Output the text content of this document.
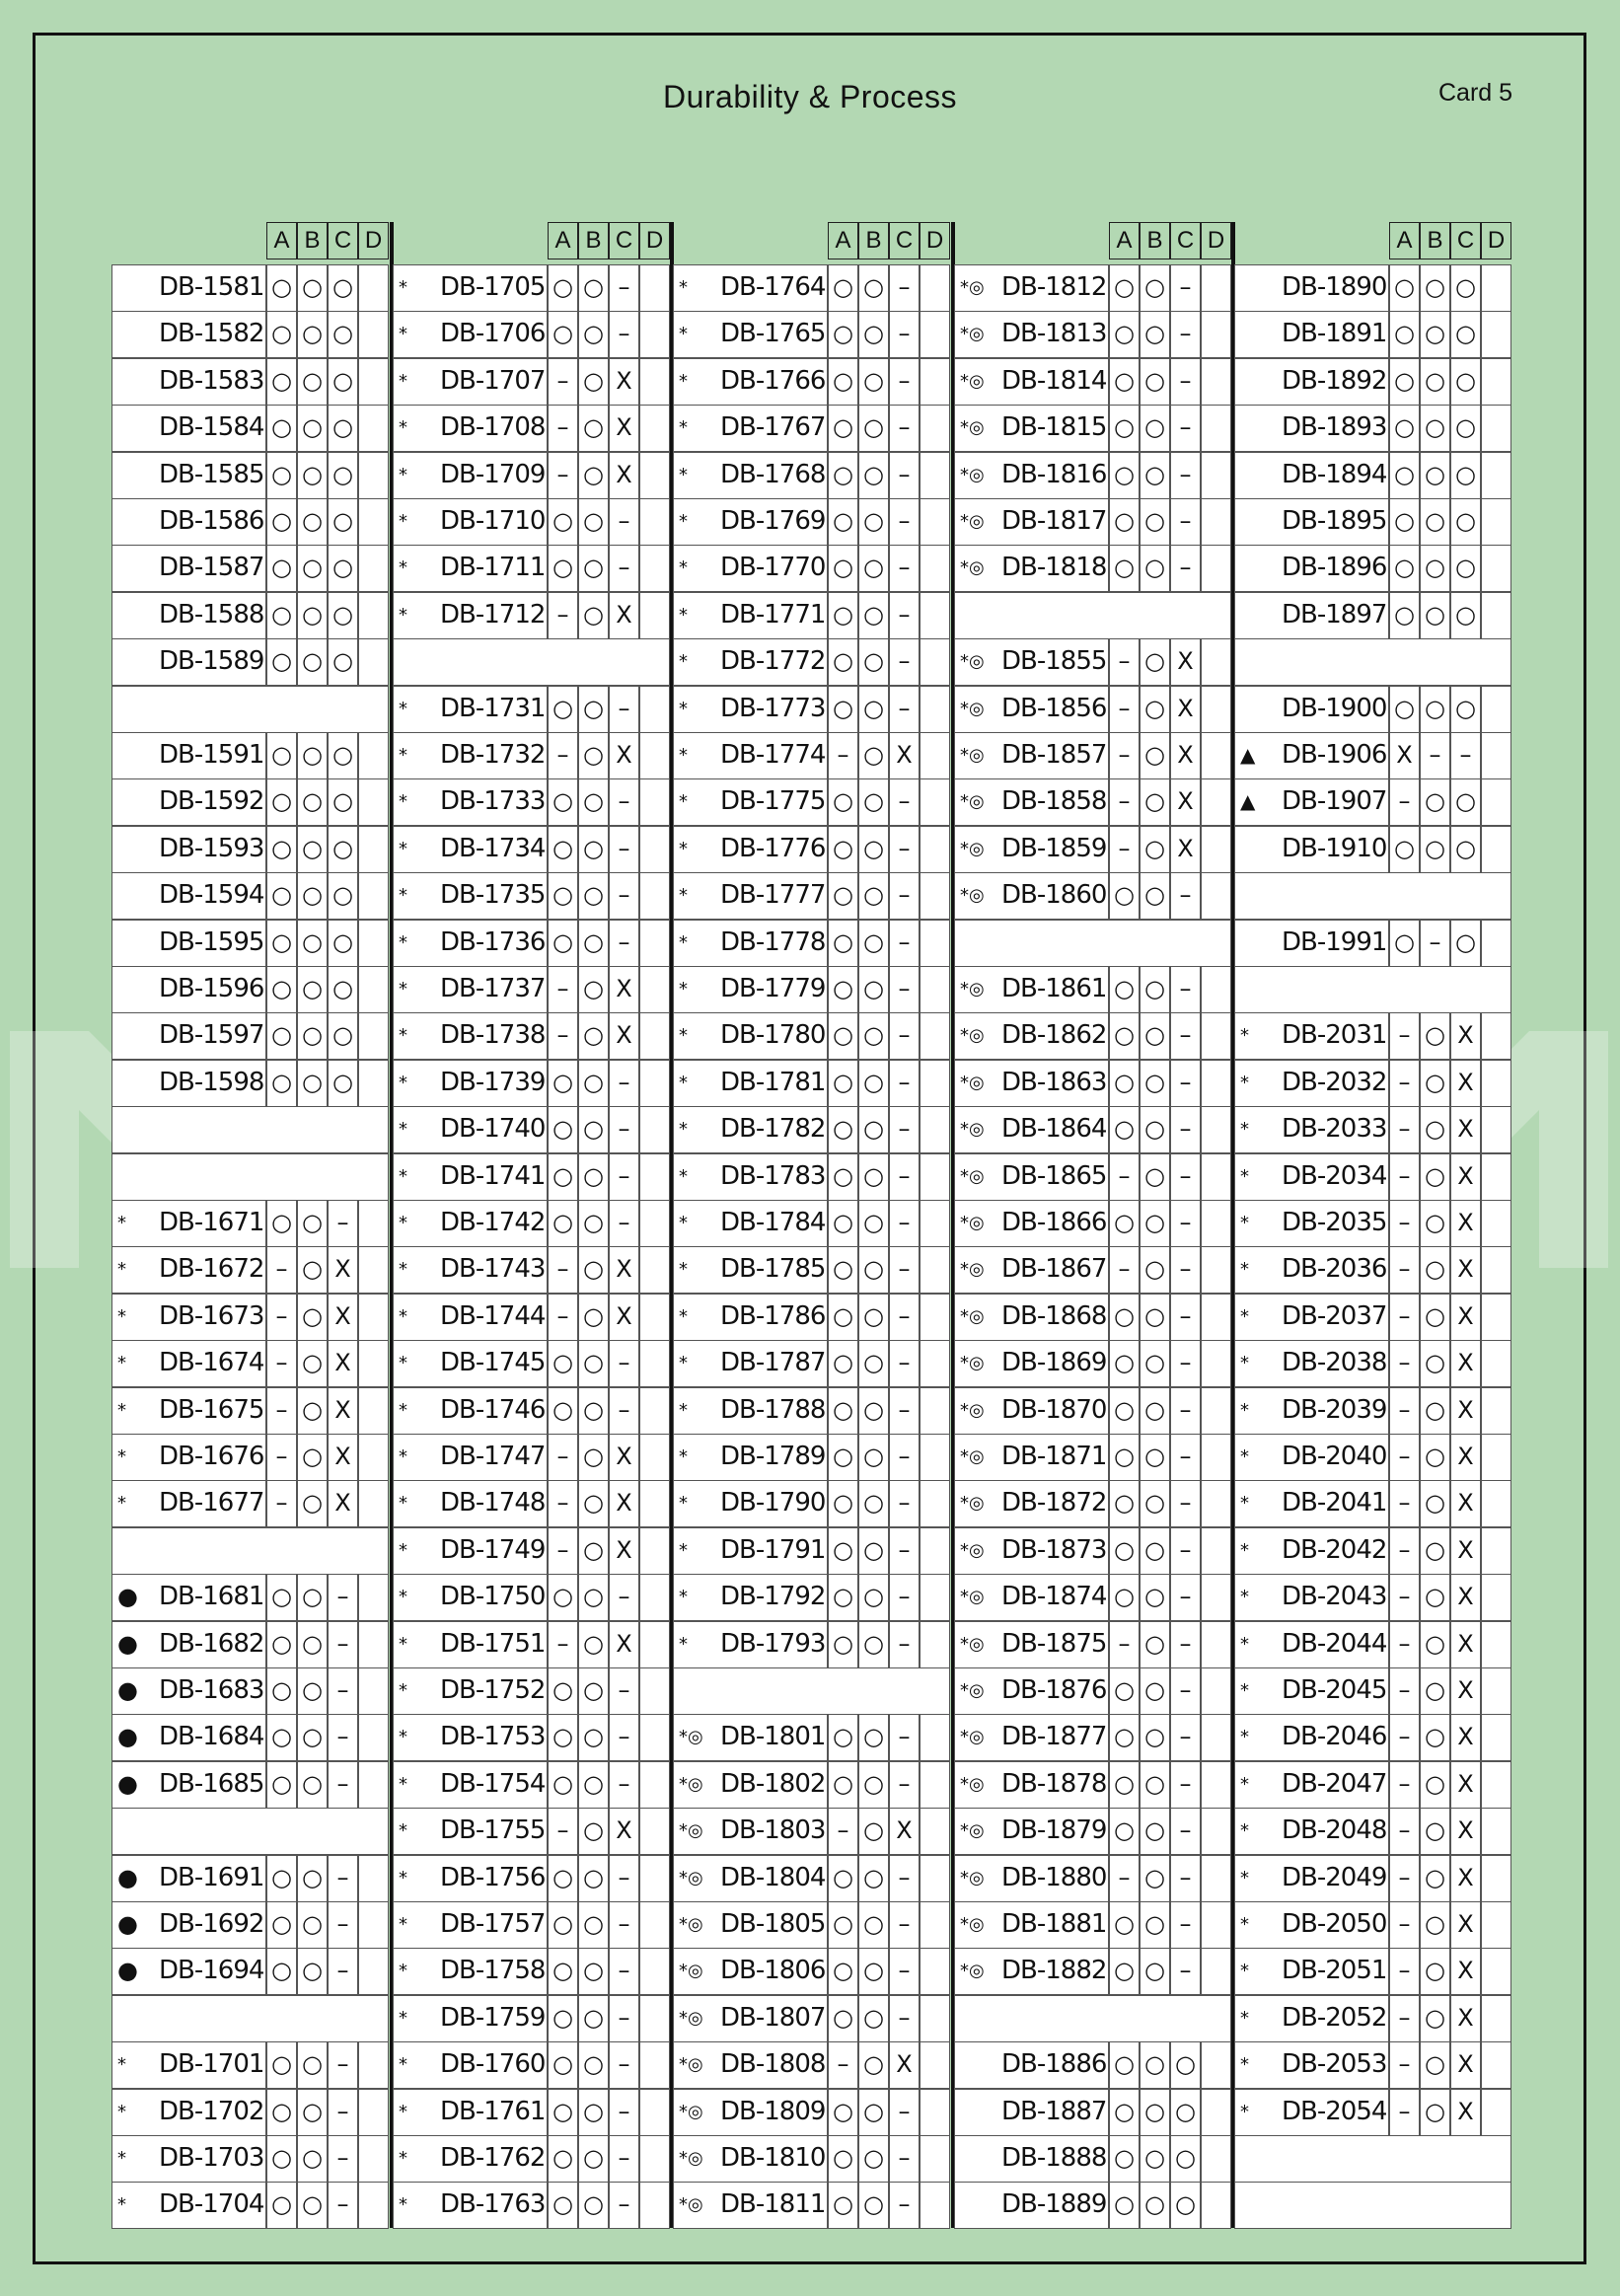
Durability & Process	Card 5
A B C D
DB-1581 ○ ○ ○
DB-1582 ○ ○ ○
DB-1583 ○ ○ ○
DB-1584 ○ ○ ○
DB-1585 ○ ○ ○
DB-1586 ○ ○ ○
DB-1587 ○ ○ ○
DB-1588 ○ ○ ○
DB-1589 ○ ○ ○
DB-1591 ○ ○ ○
DB-1592 ○ ○ ○
DB-1593 ○ ○ ○
DB-1594 ○ ○ ○
DB-1595 ○ ○ ○
DB-1596 ○ ○ ○
DB-1597 ○ ○ ○
DB-1598 ○ ○ ○
*	DB-1671 ○ ○ –
*	DB-1672 – ○ X
*	DB-1673 – ○ X
*	DB-1674 – ○ X
*	DB-1675 – ○ X
*	DB-1676 – ○ X
*	DB-1677 – ○ X
● DB-1681 ○ ○ –
● DB-1682 ○ ○ –
● DB-1683 ○ ○ –
● DB-1684 ○ ○ –
● DB-1685 ○ ○ –
● DB-1691 ○ ○ –
● DB-1692 ○ ○ –
● DB-1694 ○ ○ –
*	DB-1701 ○ ○ –
*	DB-1702 ○ ○ –
*	DB-1703 ○ ○ –
*	DB-1704 ○ ○ –
A B C D
*	DB-1705 ○ ○ –
*	DB-1706 ○ ○ –
*	DB-1707 – ○ X
*	DB-1708 – ○ X
*	DB-1709 – ○ X
*	DB-1710 ○ ○ –
*	DB-1711 ○ ○ –
*	DB-1712 – ○ X
*	DB-1731 ○ ○ –
*	DB-1732 – ○ X
*	DB-1733 ○ ○ –
*	DB-1734 ○ ○ –
*	DB-1735 ○ ○ –
*	DB-1736 ○ ○ –
*	DB-1737 – ○ X
*	DB-1738 – ○ X
*	DB-1739 ○ ○ –
*	DB-1740 ○ ○ –
*	DB-1741 ○ ○ –
*	DB-1742 ○ ○ –
*	DB-1743 – ○ X
*	DB-1744 – ○ X
*	DB-1745 ○ ○ –
*	DB-1746 ○ ○ –
*	DB-1747 – ○ X
*	DB-1748 – ○ X
*	DB-1749 – ○ X
*	DB-1750 ○ ○ –
*	DB-1751 – ○ X
*	DB-1752 ○ ○ –
*	DB-1753 ○ ○ –
*	DB-1754 ○ ○ –
*	DB-1755 – ○ X
*	DB-1756 ○ ○ –
*	DB-1757 ○ ○ –
*	DB-1758 ○ ○ –
*	DB-1759 ○ ○ –
*	DB-1760 ○ ○ –
*	DB-1761 ○ ○ –
*	DB-1762 ○ ○ –
*	DB-1763 ○ ○ –
A B C D
*	DB-1764 ○ ○ –
*	DB-1765 ○ ○ –
*	DB-1766 ○ ○ –
*	DB-1767 ○ ○ –
*	DB-1768 ○ ○ –
*	DB-1769 ○ ○ –
*	DB-1770 ○ ○ –
*	DB-1771 ○ ○ –
*	DB-1772 ○ ○ –
*	DB-1773 ○ ○ –
*	DB-1774 – ○ X
*	DB-1775 ○ ○ –
*	DB-1776 ○ ○ –
*	DB-1777 ○ ○ –
*	DB-1778 ○ ○ –
*	DB-1779 ○ ○ –
*	DB-1780 ○ ○ –
*	DB-1781 ○ ○ –
*	DB-1782 ○ ○ –
*	DB-1783 ○ ○ –
*	DB-1784 ○ ○ –
*	DB-1785 ○ ○ –
*	DB-1786 ○ ○ –
*	DB-1787 ○ ○ –
*	DB-1788 ○ ○ –
*	DB-1789 ○ ○ –
*	DB-1790 ○ ○ –
*	DB-1791 ○ ○ –
*	DB-1792 ○ ○ –
*	DB-1793 ○ ○ –
*◎ DB-1801 ○ ○ –
*◎ DB-1802 ○ ○ –
*◎ DB-1803 – ○ X
*◎ DB-1804 ○ ○ –
*◎ DB-1805 ○ ○ –
*◎ DB-1806 ○ ○ –
*◎ DB-1807 ○ ○ –
*◎ DB-1808 – ○ X
*◎ DB-1809 ○ ○ –
*◎ DB-1810 ○ ○ –
*◎ DB-1811 ○ ○ –
A B C D
*◎ DB-1812 ○ ○ –
*◎ DB-1813 ○ ○ –
*◎ DB-1814 ○ ○ –
*◎ DB-1815 ○ ○ –
*◎ DB-1816 ○ ○ –
*◎ DB-1817 ○ ○ –
*◎ DB-1818 ○ ○ –
*◎ DB-1855 – ○ X
*◎ DB-1856 – ○ X
*◎ DB-1857 – ○ X
*◎ DB-1858 – ○ X
*◎ DB-1859 – ○ X
*◎ DB-1860 ○ ○ –
*◎ DB-1861 ○ ○ –
*◎ DB-1862 ○ ○ –
*◎ DB-1863 ○ ○ –
*◎ DB-1864 ○ ○ –
*◎ DB-1865 – ○ –
*◎ DB-1866 ○ ○ –
*◎ DB-1867 – ○ –
*◎ DB-1868 ○ ○ –
*◎ DB-1869 ○ ○ –
*◎ DB-1870 ○ ○ –
*◎ DB-1871 ○ ○ –
*◎ DB-1872 ○ ○ –
*◎ DB-1873 ○ ○ –
*◎ DB-1874 ○ ○ –
*◎ DB-1875 – ○ –
*◎ DB-1876 ○ ○ –
*◎ DB-1877 ○ ○ –
*◎ DB-1878 ○ ○ –
*◎ DB-1879 ○ ○ –
*◎ DB-1880 – ○ –
*◎ DB-1881 ○ ○ –
*◎ DB-1882 ○ ○ –
DB-1886 ○ ○ ○
DB-1887 ○ ○ ○
DB-1888 ○ ○ ○
DB-1889 ○ ○ ○
A B C D
DB-1890 ○ ○ ○
DB-1891 ○ ○ ○
DB-1892 ○ ○ ○
DB-1893 ○ ○ ○
DB-1894 ○ ○ ○
DB-1895 ○ ○ ○
DB-1896 ○ ○ ○
DB-1897 ○ ○ ○
DB-1900 ○ ○ ○
▲	DB-1906 X – –
▲	DB-1907 – ○ ○
DB-1910 ○ ○ ○
DB-1991 ○ – ○
*	DB-2031 – ○ X
*	DB-2032 – ○ X
*	DB-2033 – ○ X
*	DB-2034 – ○ X
*	DB-2035 – ○ X
*	DB-2036 – ○ X
*	DB-2037 – ○ X
*	DB-2038 – ○ X
*	DB-2039 – ○ X
*	DB-2040 – ○ X
*	DB-2041 – ○ X
*	DB-2042 – ○ X
*	DB-2043 – ○ X
*	DB-2044 – ○ X
*	DB-2045 – ○ X
*	DB-2046 – ○ X
*	DB-2047 – ○ X
*	DB-2048 – ○ X
*	DB-2049 – ○ X
*	DB-2050 – ○ X
*	DB-2051 – ○ X
*	DB-2052 – ○ X
*	DB-2053 – ○ X
*	DB-2054 – ○ X
